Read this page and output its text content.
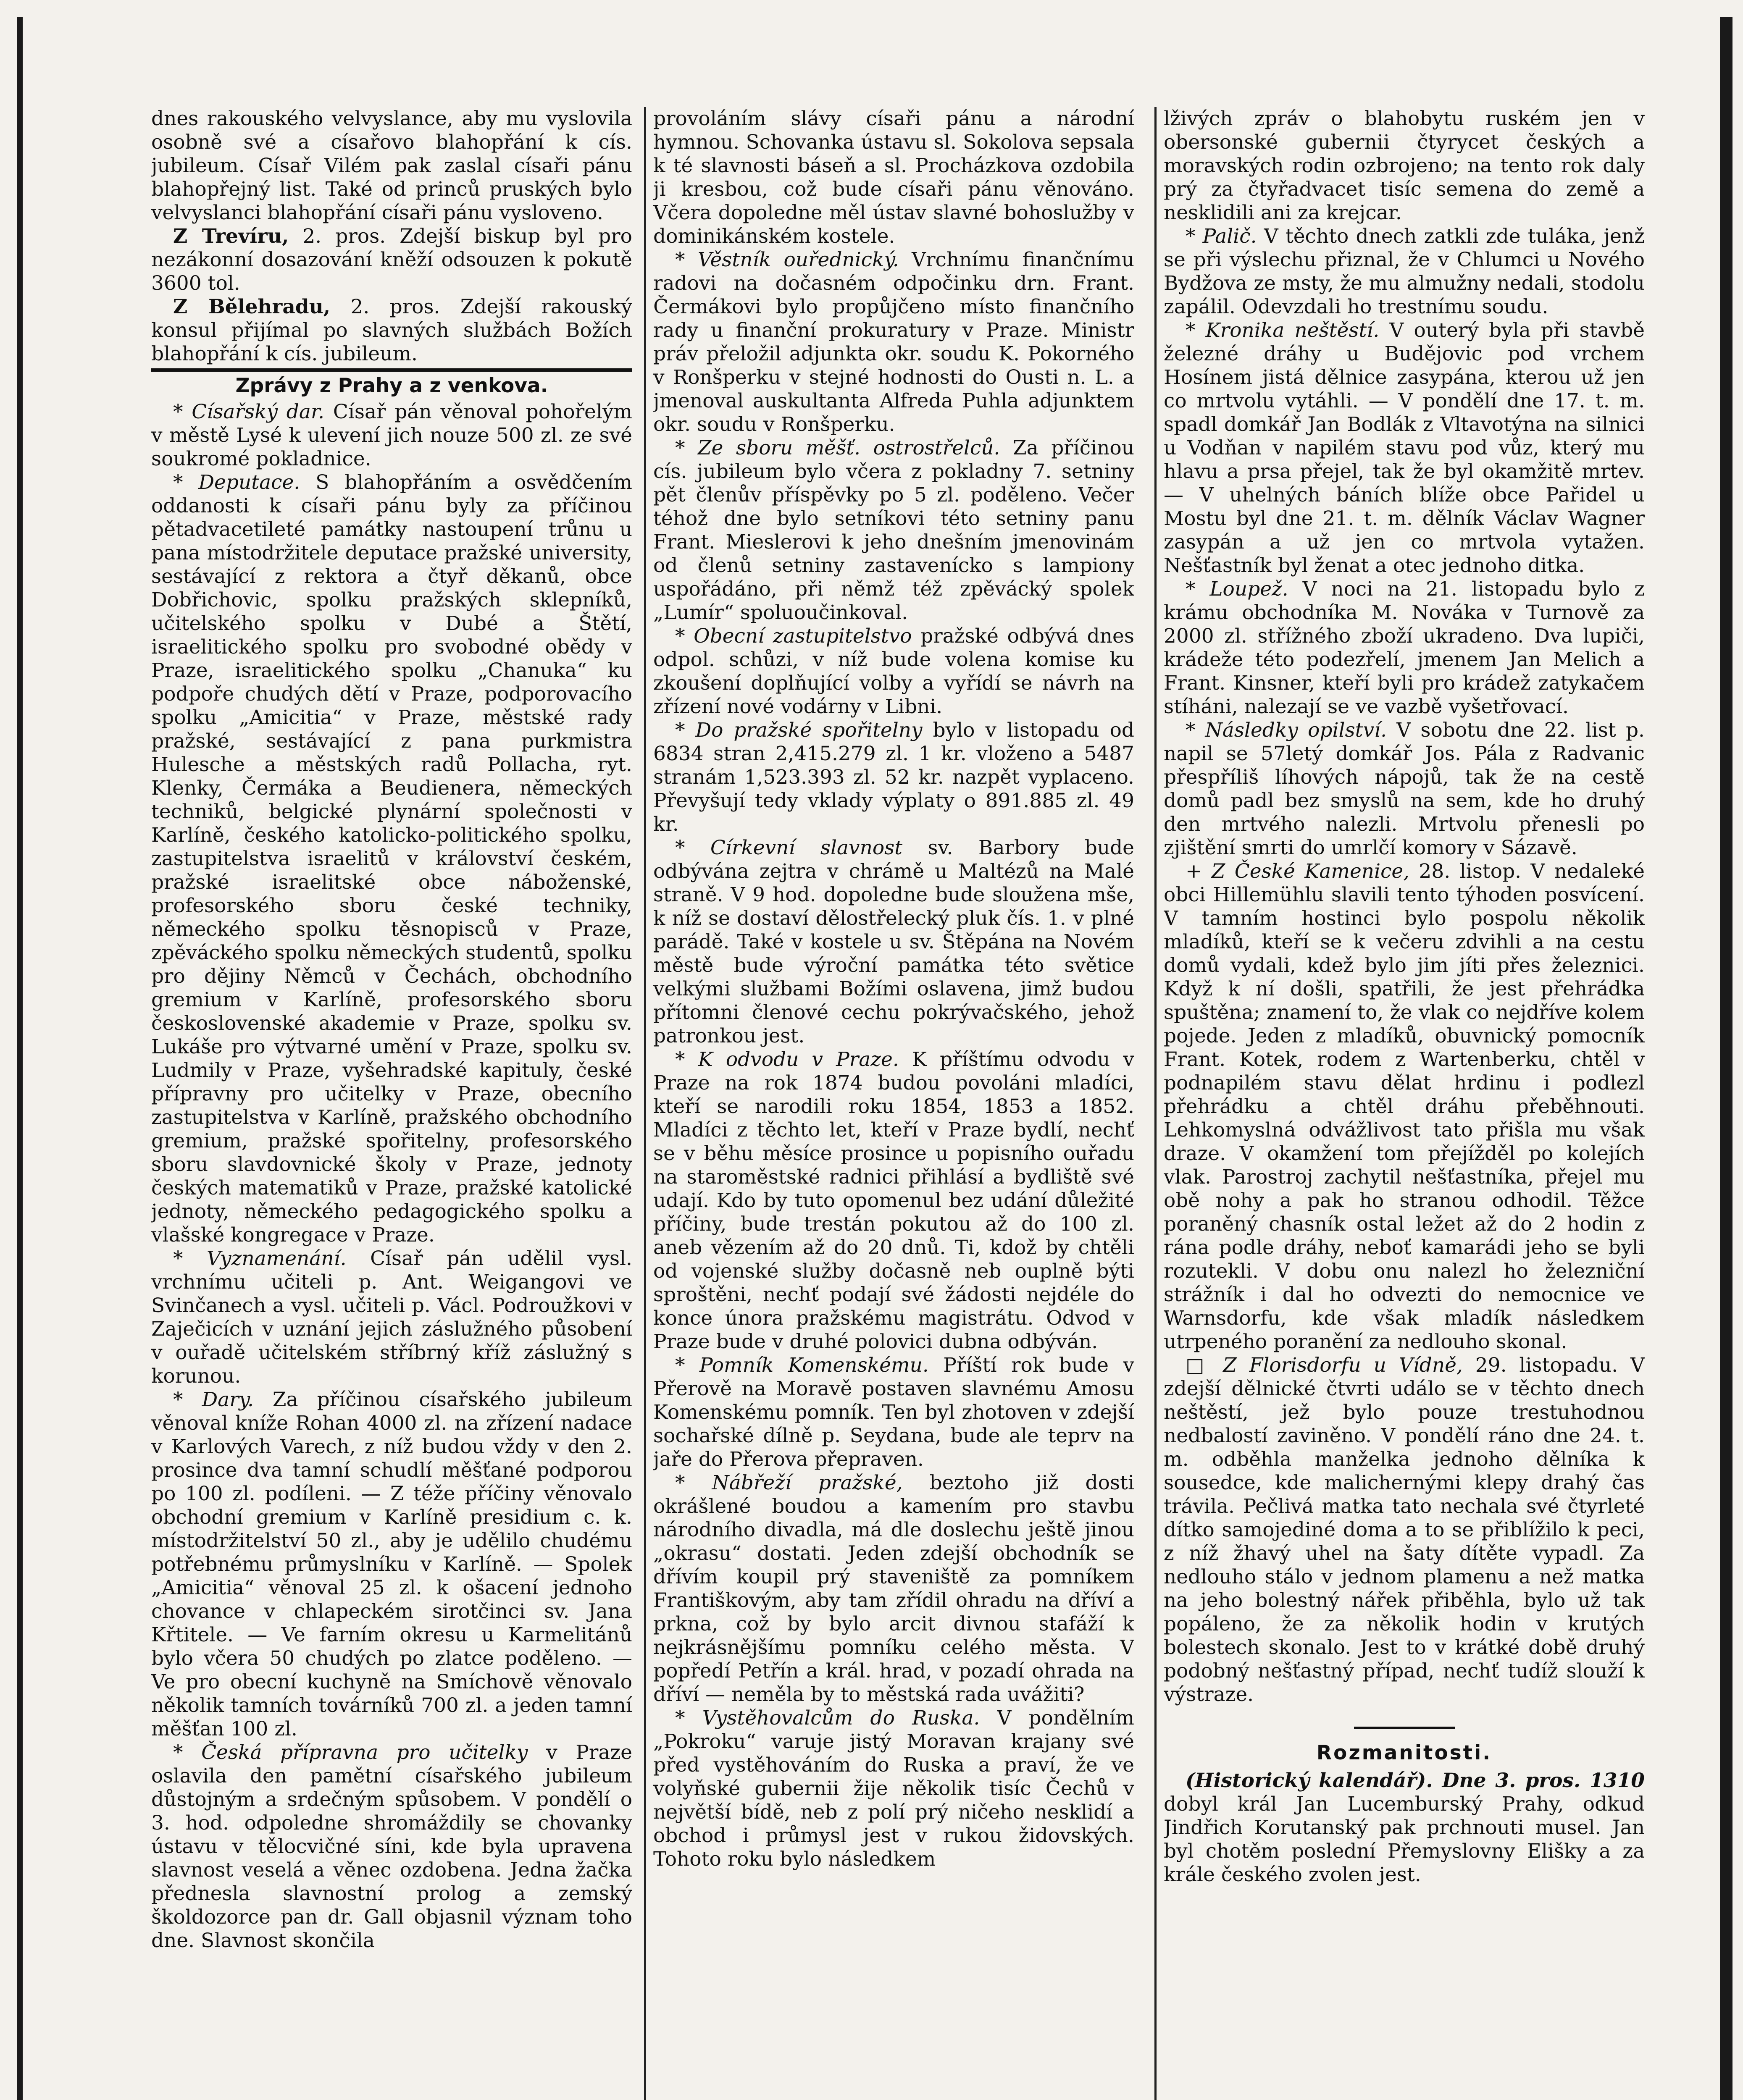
dnes rakouského velvyslance, aby mu vyslovila osobně své a císařovo blahopřání k cís. jubileum. Císař Vilém pak zaslal císaři pánu blahopřejný list. Také od princů pruských bylo velvyslanci blahopřání císaři pánu vysloveno.

Z Trevíru, 2. pros. Zdejší biskup byl pro nezákonní dosazování kněží odsouzen k pokutě 3600 tol.

Z Bělehradu, 2. pros. Zdejší rakouský konsul přijímal po slavných službách Božích blahopřání k cís. jubileum.

Zprávy z Prahy a z venkova.

* Císařský dar. Císař pán věnoval pohořelým v městě Lysé k ulevení jich nouze 500 zl. ze své soukromé pokladnice.

* Deputace. S blahopřáním a osvědčením oddanosti k císaři pánu byly za příčinou pětadvacetileté památky nastoupení trůnu u pana místodržitele deputace pražské university, sestávající z rektora a čtyř děkanů, obce Dobřichovic, spolku pražských sklepníků, učitelského spolku v Dubé a Štětí, israelitického spolku pro svobodné obědy v Praze, israelitického spolku „Chanuka“ ku podpoře chudých dětí v Praze, podporovacího spolku „Amicitia“ v Praze, městské rady pražské, sestávající z pana purkmistra Hulesche a městských radů Pollacha, ryt. Klenky, Čermáka a Beudienera, německých techniků, belgické plynární společnosti v Karlíně, českého katolicko-politického spolku, zastupitelstva israelitů v království českém, pražské israelitské obce náboženské, profesorského sboru české techniky, německého spolku těsnopisců v Praze, zpěváckého spolku německých studentů, spolku pro dějiny Němců v Čechách, obchodního gremium v Karlíně, profesorského sboru československé akademie v Praze, spolku sv. Lukáše pro výtvarné umění v Praze, spolku sv. Ludmily v Praze, vyšehradské kapituly, české přípravny pro učitelky v Praze, obecního zastupitelstva v Karlíně, pražského obchodního gremium, pražské spořitelny, profesorského sboru slavdovnické školy v Praze, jednoty českých matematiků v Praze, pražské katolické jednoty, německého pedagogického spolku a vlašské kongregace v Praze.

* Vyznamenání. Císař pán udělil vysl. vrchnímu učiteli p. Ant. Weigangovi ve Svinčanech a vysl. učiteli p. Václ. Podroužkovi v Zaječicích v uznání jejich záslužného působení v ouřadě učitelském stříbrný kříž záslužný s korunou.

* Dary. Za příčinou císařského jubileum věnoval kníže Rohan 4000 zl. na zřízení nadace v Karlových Varech, z níž budou vždy v den 2. prosince dva tamní schudlí měšťané podporou po 100 zl. podíleni. — Z téže příčiny věnovalo obchodní gremium v Karlíně presidium c. k. místodržitelství 50 zl., aby je udělilo chudému potřebnému průmyslníku v Karlíně. — Spolek „Amicitia“ věnoval 25 zl. k ošacení jednoho chovance v chlapeckém sirotčinci sv. Jana Křtitele. — Ve farním okresu u Karmelitánů bylo včera 50 chudých po zlatce poděleno. — Ve pro obecní kuchyně na Smíchově věnovalo několik tamních továrníků 700 zl. a jeden tamní měšťan 100 zl.

* Česká přípravna pro učitelky v Praze oslavila den pamětní císařského jubileum důstojným a srdečným spůsobem. V pondělí o 3. hod. odpoledne shromáždily se chovanky ústavu v tělocvičné síni, kde byla upravena slavnost veselá a věnec ozdobena. Jedna žačka přednesla slavnostní prolog a zemský školdozorce pan dr. Gall objasnil význam toho dne. Slavnost skončila

provoláním slávy císaři pánu a národní hymnou. Schovanka ústavu sl. Sokolova sepsala k té slavnosti báseň a sl. Procházkova ozdobila ji kresbou, což bude císaři pánu věnováno. Včera dopoledne měl ústav slavné bohoslužby v dominikánském kostele.

* Věstník ouřednický. Vrchnímu finančnímu radovi na dočasném odpočinku drn. Frant. Čermákovi bylo propůjčeno místo finančního rady u finanční prokuratury v Praze. Ministr práv přeložil adjunkta okr. soudu K. Pokorného v Ronšperku v stejné hodnosti do Ousti n. L. a jmenoval auskultanta Alfreda Puhla adjunktem okr. soudu v Ronšperku.

* Ze sboru měšť. ostrostřelců. Za příčinou cís. jubileum bylo včera z pokladny 7. setniny pět členův příspěvky po 5 zl. poděleno. Večer téhož dne bylo setníkovi této setniny panu Frant. Mieslerovi k jeho dnešním jmenovinám od členů setniny zastavenícko s lampiony uspořádáno, při němž též zpěvácký spolek „Lumír“ spoluoučinkoval.

* Obecní zastupitelstvo pražské odbývá dnes odpol. schůzi, v níž bude volena komise ku zkoušení doplňující volby a vyřídí se návrh na zřízení nové vodárny v Libni.

* Do pražské spořitelny bylo v listopadu od 6834 stran 2,415.279 zl. 1 kr. vloženo a 5487 stranám 1,523.393 zl. 52 kr. nazpět vyplaceno. Převyšují tedy vklady výplaty o 891.885 zl. 49 kr.

* Církevní slavnost sv. Barbory bude odbývána zejtra v chrámě u Maltézů na Malé straně. V 9 hod. dopoledne bude sloužena mše, k níž se dostaví dělostřelecký pluk čís. 1. v plné parádě. Také v kostele u sv. Štěpána na Novém městě bude výroční památka této světice velkými službami Božími oslavena, jimž budou přítomni členové cechu pokrývačského, jehož patronkou jest.

* K odvodu v Praze. K příštímu odvodu v Praze na rok 1874 budou povoláni mladíci, kteří se narodili roku 1854, 1853 a 1852. Mladíci z těchto let, kteří v Praze bydlí, nechť se v běhu měsíce prosince u popisního ouřadu na staroměstské radnici přihlásí a bydliště své udají. Kdo by tuto opomenul bez udání důležité příčiny, bude trestán pokutou až do 100 zl. aneb vězením až do 20 dnů. Ti, kdož by chtěli od vojenské služby dočasně neb ouplně býti sproštěni, nechť podají své žádosti nejdéle do konce února pražskému magistrátu. Odvod v Praze bude v druhé polovici dubna odbýván.

* Pomník Komenskému. Příští rok bude v Přerově na Moravě postaven slavnému Amosu Komenskému pomník. Ten byl zhotoven v zdejší sochařské dílně p. Seydana, bude ale teprv na jaře do Přerova přepraven.

* Nábřeží pražské, beztoho již dosti okrášlené boudou a kamením pro stavbu národního divadla, má dle doslechu ještě jinou „okrasu“ dostati. Jeden zdejší obchodník se dřívím koupil prý staveniště za pomníkem Františkovým, aby tam zřídil ohradu na dříví a prkna, což by bylo arcit divnou stafáží k nejkrásnějšímu pomníku celého města. V popředí Petřín a král. hrad, v pozadí ohrada na dříví — neměla by to městská rada uvážiti?

* Vystěhovalcům do Ruska. V pondělním „Pokroku“ varuje jistý Moravan krajany své před vystěhováním do Ruska a praví, že ve volyňské gubernii žije několik tisíc Čechů v největší bídě, neb z polí prý ničeho nesklidí a obchod i průmysl jest v rukou židovských. Tohoto roku bylo následkem

lživých zpráv o blahobytu ruském jen v obersonské gubernii čtyrycet českých a moravských rodin ozbrojeno; na tento rok daly prý za čtyřadvacet tisíc semena do země a nesklidili ani za krejcar.

* Palič. V těchto dnech zatkli zde tuláka, jenž se při výslechu přiznal, že v Chlumci u Nového Bydžova ze msty, že mu almužny nedali, stodolu zapálil. Odevzdali ho trestnímu soudu.

* Kronika neštěstí. V outerý byla při stavbě železné dráhy u Budějovic pod vrchem Hosínem jistá dělnice zasypána, kterou už jen co mrtvolu vytáhli. — V pondělí dne 17. t. m. spadl domkář Jan Bodlák z Vltavotýna na silnici u Vodňan v napilém stavu pod vůz, který mu hlavu a prsa přejel, tak že byl okamžitě mrtev. — V uhelných báních blíže obce Pařidel u Mostu byl dne 21. t. m. dělník Václav Wagner zasypán a už jen co mrtvola vytažen. Nešťastník byl ženat a otec jednoho ditka.

* Loupež. V noci na 21. listopadu bylo z krámu obchodníka M. Nováka v Turnově za 2000 zl. střížného zboží ukradeno. Dva lupiči, krádeže této podezřelí, jmenem Jan Melich a Frant. Kinsner, kteří byli pro krádež zatykačem stíháni, nalezají se ve vazbě vyšetřovací.

* Následky opilství. V sobotu dne 22. list p. napil se 57letý domkář Jos. Pála z Radvanic přespříliš líhových nápojů, tak že na cestě domů padl bez smyslů na sem, kde ho druhý den mrtvého nalezli. Mrtvolu přenesli po zjištění smrti do umrlčí komory v Sázavě.

+ Z České Kamenice, 28. listop. V nedaleké obci Hillemühlu slavili tento týhoden posvícení. V tamním hostinci bylo pospolu několik mladíků, kteří se k večeru zdvihli a na cestu domů vydali, kdež bylo jim jíti přes železnici. Když k ní došli, spatřili, že jest přehrádka spuštěna; znamení to, že vlak co nejdříve kolem pojede. Jeden z mladíků, obuvnický pomocník Frant. Kotek, rodem z Wartenberku, chtěl v podnapilém stavu dělat hrdinu i podlezl přehrádku a chtěl dráhu přeběhnouti. Lehkomyslná odvážlivost tato přišla mu však draze. V okamžení tom přejížděl po kolejích vlak. Parostroj zachytil nešťastníka, přejel mu obě nohy a pak ho stranou odhodil. Těžce poraněný chasník ostal ležet až do 2 hodin z rána podle dráhy, neboť kamarádi jeho se byli rozutekli. V dobu onu nalezl ho železniční strážník i dal ho odvezti do nemocnice ve Warnsdorfu, kde však mladík následkem utrpeného poranění za nedlouho skonal.

□ Z Florisdorfu u Vídně, 29. listopadu. V zdejší dělnické čtvrti událo se v těchto dnech neštěstí, jež bylo pouze trestuhodnou nedbalostí zaviněno. V pondělí ráno dne 24. t. m. odběhla manželka jednoho dělníka k sousedce, kde malichernými klepy drahý čas trávila. Pečlivá matka tato nechala své čtyrleté dítko samojediné doma a to se přiblížilo k peci, z níž žhavý uhel na šaty dítěte vypadl. Za nedlouho stálo v jednom plamenu a než matka na jeho bolestný nářek přiběhla, bylo už tak popáleno, že za několik hodin v krutých bolestech skonalo. Jest to v krátké době druhý podobný nešťastný případ, nechť tudíž slouží k výstraze.

Rozmanitosti.

(Historický kalendář). Dne 3. pros. 1310 dobyl král Jan Lucemburský Prahy, odkud Jindřich Korutanský pak prchnouti musel. Jan byl chotěm poslední Přemyslovny Elišky a za krále českého zvolen jest.
